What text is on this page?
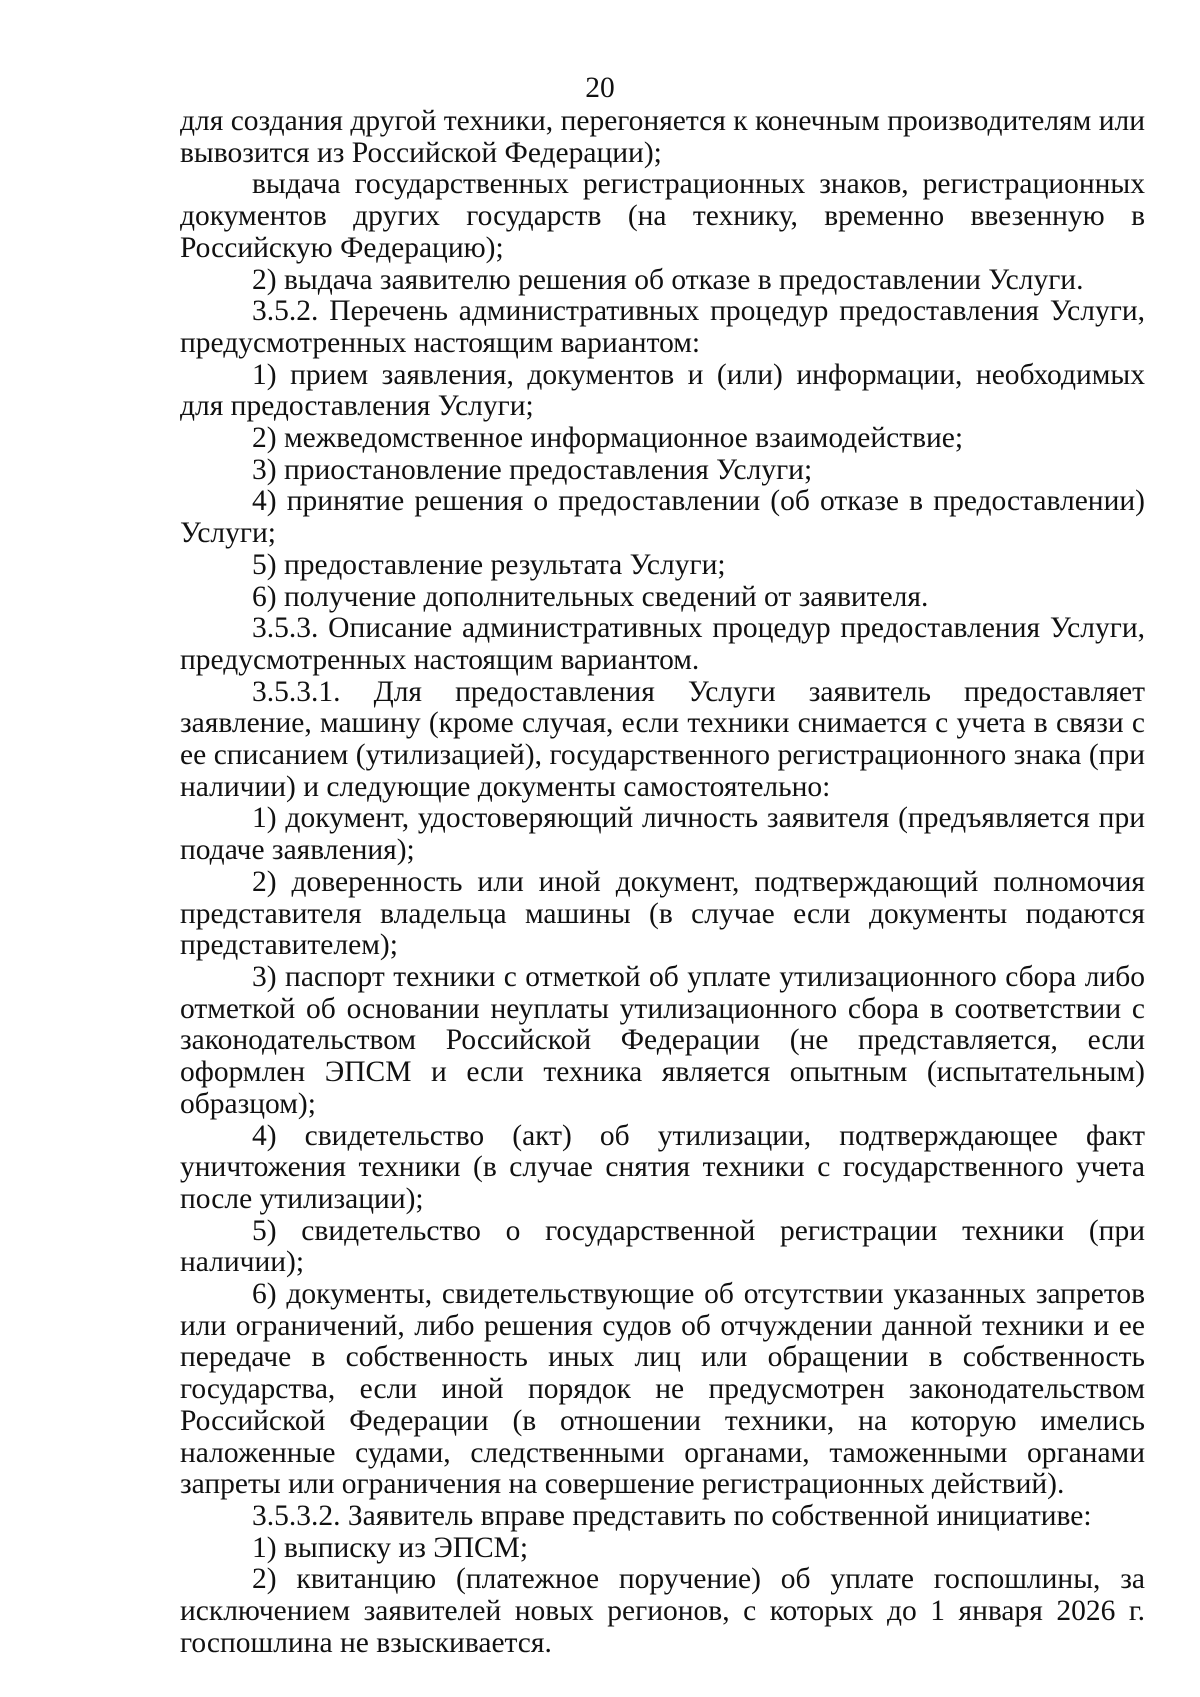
20

для создания другой техники, перегоняется к конечным производителям или вывозится из Российской Федерации);

выдача государственных регистрационных знаков, регистрационных документов других государств (на технику, временно ввезенную в Российскую Федерацию);

2) выдача заявителю решения об отказе в предоставлении Услуги.

3.5.2. Перечень административных процедур предоставления Услуги, предусмотренных настоящим вариантом:

1) прием заявления, документов и (или) информации, необходимых для предоставления Услуги;

2) межведомственное информационное взаимодействие;

3) приостановление предоставления Услуги;

4) принятие решения о предоставлении (об отказе в предоставлении) Услуги;

5) предоставление результата Услуги;

6) получение дополнительных сведений от заявителя.

3.5.3. Описание административных процедур предоставления Услуги, предусмотренных настоящим вариантом.

3.5.3.1. Для предоставления Услуги заявитель предоставляет заявление, машину (кроме случая, если техники снимается с учета в связи с ее списанием (утилизацией), государственного регистрационного знака (при наличии) и следующие документы самостоятельно:

1) документ, удостоверяющий личность заявителя (предъявляется при подаче заявления);

2) доверенность или иной документ, подтверждающий полномочия представителя владельца машины (в случае если документы подаются представителем);

3) паспорт техники с отметкой об уплате утилизационного сбора либо отметкой об основании неуплаты утилизационного сбора в соответствии с законодательством Российской Федерации (не представляется, если оформлен ЭПСМ и если техника является опытным (испытательным) образцом);

4) свидетельство (акт) об утилизации, подтверждающее факт уничтожения техники (в случае снятия техники с государственного учета после утилизации);

5) свидетельство о государственной регистрации техники (при наличии);

6) документы, свидетельствующие об отсутствии указанных запретов или ограничений, либо решения судов об отчуждении данной техники и ее передаче в собственность иных лиц или обращении в собственность государства, если иной порядок не предусмотрен законодательством Российской Федерации (в отношении техники, на которую имелись наложенные судами, следственными органами, таможенными органами запреты или ограничения на совершение регистрационных действий).

3.5.3.2. Заявитель вправе представить по собственной инициативе:

1) выписку из ЭПСМ;

2) квитанцию (платежное поручение) об уплате госпошлины, за исключением заявителей новых регионов, с которых до 1 января 2026 г. госпошлина не взыскивается.
